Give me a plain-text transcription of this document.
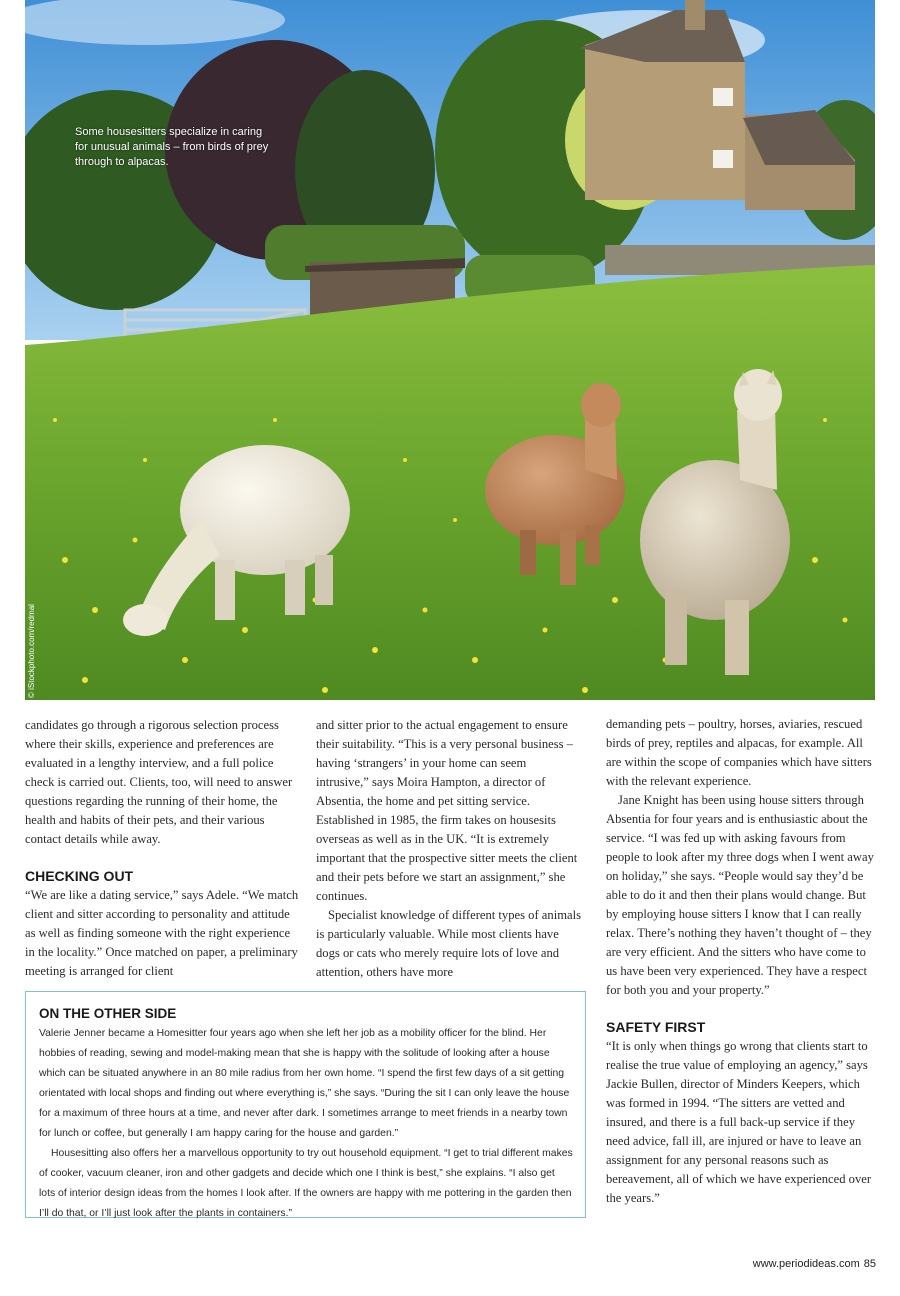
Some housesitters specialize in caring for unusual animals – from birds of prey through to alpacas.

© iStockphoto.com/redmal

candidates go through a rigorous selection process where their skills, experience and preferences are evaluated in a lengthy interview, and a full police check is carried out. Clients, too, will need to answer questions regarding the running of their home, the health and habits of their pets, and their various contact details while away.

CHECKING OUT

“We are like a dating service,” says Adele. “We match client and sitter according to personality and attitude as well as finding someone with the right experience in the locality.” Once matched on paper, a preliminary meeting is arranged for client

and sitter prior to the actual engagement to ensure their suitability. “This is a very personal business – having ‘strangers’ in your home can seem intrusive,” says Moira Hampton, a director of Absentia, the home and pet sitting service. Established in 1985, the firm takes on housesits overseas as well as in the UK. “It is extremely important that the prospective sitter meets the client and their pets before we start an assignment,” she continues.

Specialist knowledge of different types of animals is particularly valuable. While most clients have dogs or cats who merely require lots of love and attention, others have more

demanding pets – poultry, horses, aviaries, rescued birds of prey, reptiles and alpacas, for example. All are within the scope of companies which have sitters with the relevant experience.

Jane Knight has been using house sitters through Absentia for four years and is enthusiastic about the service. “I was fed up with asking favours from people to look after my three dogs when I went away on holiday,” she says. “People would say they’d be able to do it and then their plans would change. But by employing house sitters I know that I can really relax. There’s nothing they haven’t thought of – they are very efficient. And the sitters who have come to us have been very experienced. They have a respect for both you and your property.”

SAFETY FIRST

“It is only when things go wrong that clients start to realise the true value of employing an agency,” says Jackie Bullen, director of Minders Keepers, which was formed in 1994. “The sitters are vetted and insured, and there is a full back-up service if they need advice, fall ill, are injured or have to leave an assignment for any personal reasons such as bereavement, all of which we have experienced over the years.”

ON THE OTHER SIDE

Valerie Jenner became a Homesitter four years ago when she left her job as a mobility officer for the blind. Her hobbies of reading, sewing and model-making mean that she is happy with the solitude of looking after a house which can be situated anywhere in an 80 mile radius from her own home. “I spend the first few days of a sit getting orientated with local shops and finding out where everything is,” she says. “During the sit I can only leave the house for a maximum of three hours at a time, and never after dark. I sometimes arrange to meet friends in a nearby town for lunch or coffee, but generally I am happy caring for the house and garden.”

Housesitting also offers her a marvellous opportunity to try out household equipment. “I get to trial different makes of cooker, vacuum cleaner, iron and other gadgets and decide which one I think is best,” she explains. “I also get lots of interior design ideas from the homes I look after. If the owners are happy with me pottering in the garden then I’ll do that, or I’ll just look after the plants in containers.”

www.periodideas.com 85
